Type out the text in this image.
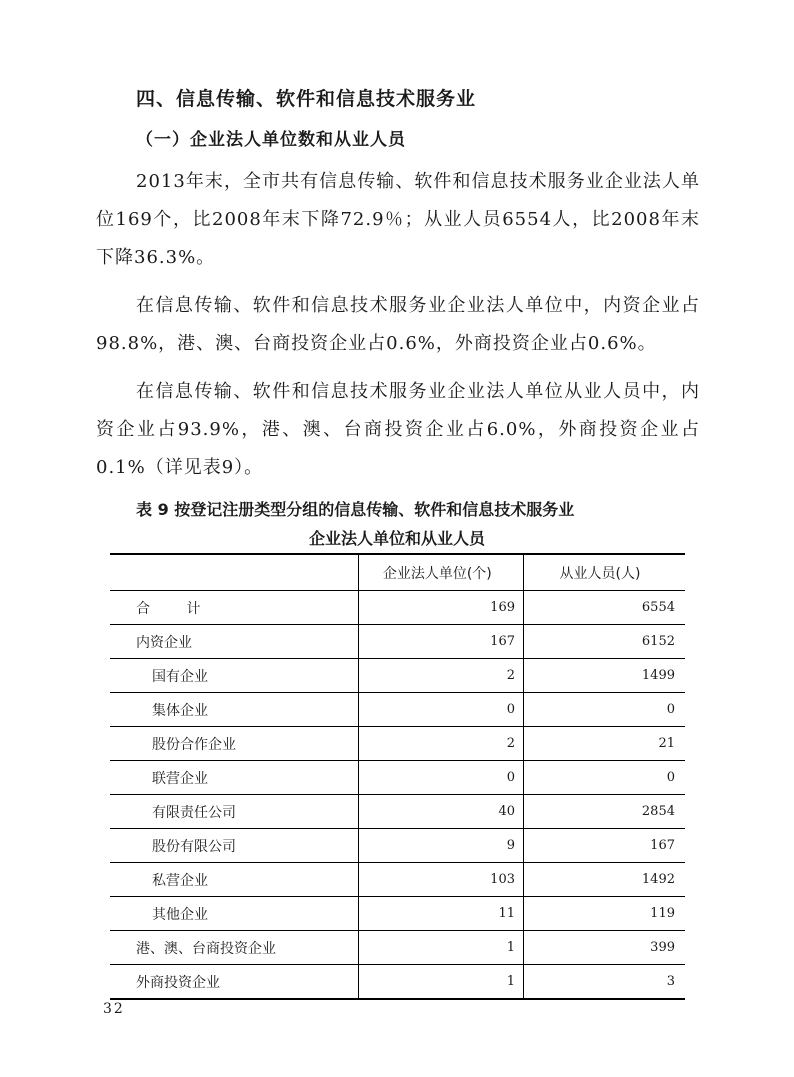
四、信息传输、软件和信息技术服务业
（一）企业法人单位数和从业人员
2013年末，全市共有信息传输、软件和信息技术服务业企业法人单位169个，比2008年末下降72.9％；从业人员6554人，比2008年末下降36.3%。
在信息传输、软件和信息技术服务业企业法人单位中，内资企业占98.8%，港、澳、台商投资企业占0.6%，外商投资企业占0.6%。
在信息传输、软件和信息技术服务业企业法人单位从业人员中，内资企业占93.9%，港、澳、台商投资企业占6.0%，外商投资企业占0.1%（详见表9）。
表 9 按登记注册类型分组的信息传输、软件和信息技术服务业
企业法人单位和从业人员
	企业法人单位(个)	从业人员(人)
合 计	169	6554
内资企业	167	6152
国有企业	2	1499
集体企业	0	0
股份合作企业	2	21
联营企业	0	0
有限责任公司	40	2854
股份有限公司	9	167
私营企业	103	1492
其他企业	11	119
港、澳、台商投资企业	1	399
外商投资企业	1	3
32
